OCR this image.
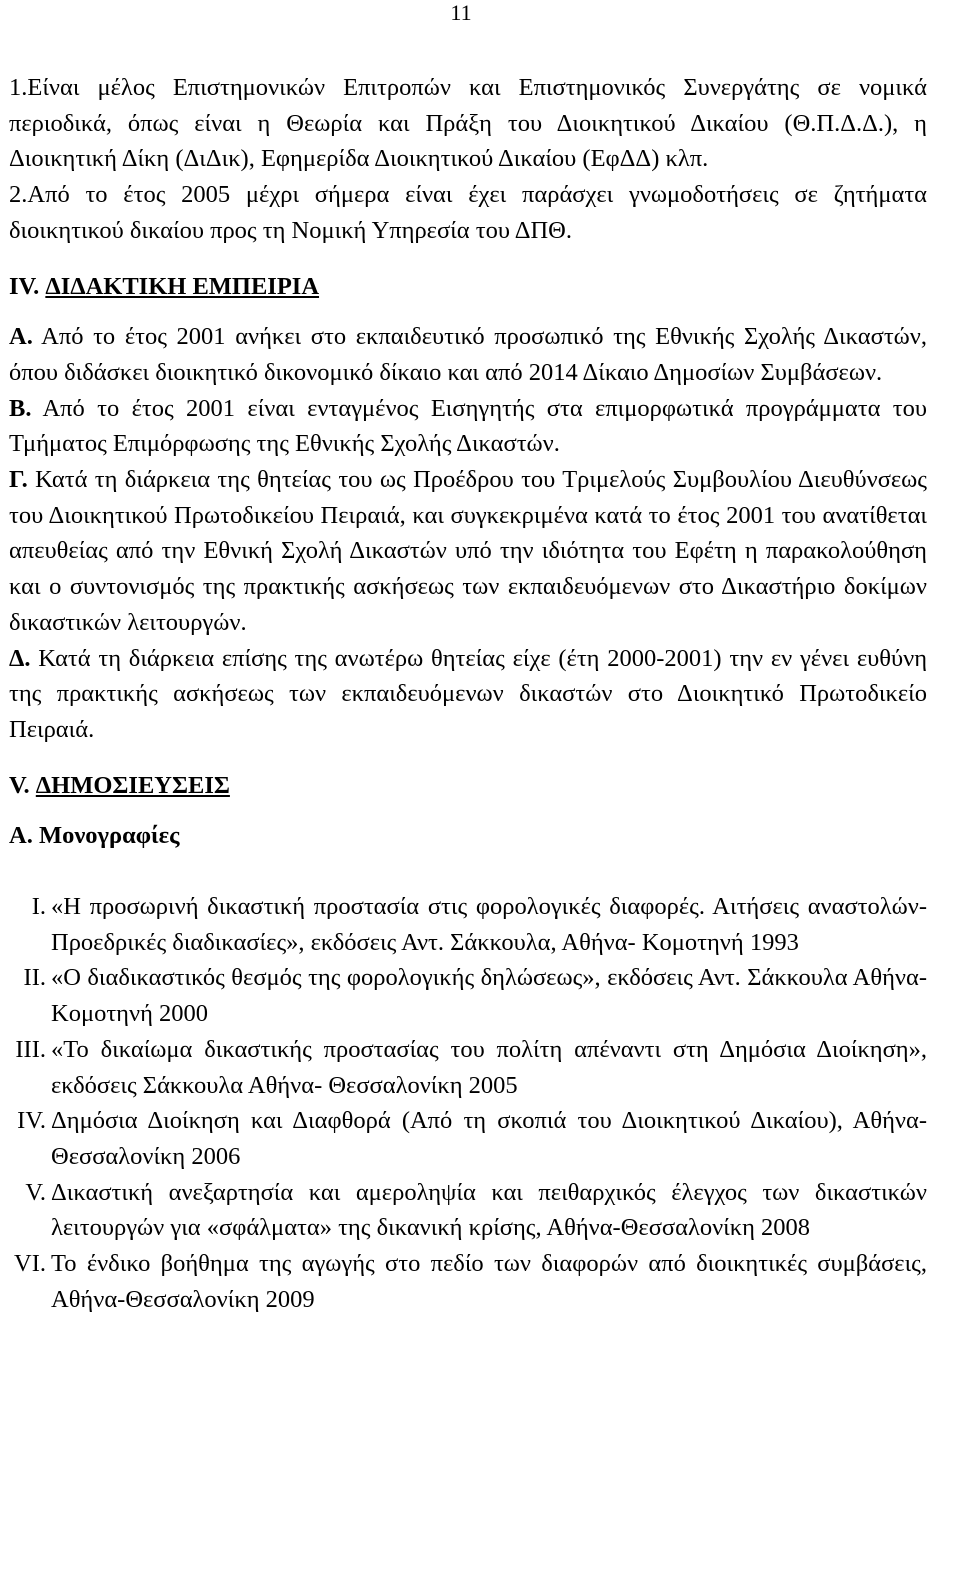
11

1.Είναι μέλος Επιστημονικών Επιτροπών και Επιστημονικός Συνεργάτης σε νομικά περιοδικά, όπως είναι η Θεωρία και Πράξη του Διοικητικού Δικαίου (Θ.Π.Δ.Δ.), η Διοικητική Δίκη (ΔιΔικ), Εφημερίδα Διοικητικού Δικαίου (ΕφΔΔ) κλπ.

2.Από το έτος 2005 μέχρι σήμερα είναι έχει παράσχει γνωμοδοτήσεις σε ζητήματα διοικητικού δικαίου προς τη Νομική Υπηρεσία του ΔΠΘ.

IV. ΔΙΔΑΚΤΙΚΗ ΕΜΠΕΙΡΙΑ

Α. Από το έτος 2001 ανήκει στο εκπαιδευτικό προσωπικό της Εθνικής Σχολής Δικαστών, όπου διδάσκει διοικητικό δικονομικό δίκαιο και από 2014 Δίκαιο Δημοσίων Συμβάσεων.

Β. Από το έτος 2001 είναι ενταγμένος Εισηγητής στα επιμορφωτικά προγράμματα του Τμήματος Επιμόρφωσης της Εθνικής Σχολής Δικαστών.

Γ. Κατά τη διάρκεια της θητείας του ως Προέδρου του Τριμελούς Συμβουλίου Διευθύνσεως του Διοικητικού Πρωτοδικείου Πειραιά, και συγκεκριμένα κατά το έτος 2001 του ανατίθεται απευθείας από την Εθνική Σχολή Δικαστών υπό την ιδιότητα του Εφέτη η παρακολούθηση και ο συντονισμός της πρακτικής ασκήσεως των εκπαιδευόμενων στο Δικαστήριο δοκίμων δικαστικών λειτουργών.

Δ. Κατά τη διάρκεια επίσης της ανωτέρω θητείας είχε (έτη 2000-2001) την εν γένει ευθύνη της πρακτικής ασκήσεως των εκπαιδευόμενων δικαστών στο Διοικητικό Πρωτοδικείο Πειραιά.

V. ΔΗΜΟΣΙΕΥΣΕΙΣ

Α. Μονογραφίες

I. «Η προσωρινή δικαστική προστασία στις φορολογικές διαφορές. Αιτήσεις αναστολών- Προεδρικές διαδικασίες», εκδόσεις Αντ. Σάκκουλα, Αθήνα- Κομοτηνή 1993
II. «Ο διαδικαστικός θεσμός της φορολογικής δηλώσεως», εκδόσεις Αντ. Σάκκουλα Αθήνα-Κομοτηνή 2000
III. «Το δικαίωμα δικαστικής προστασίας του πολίτη απέναντι στη Δημόσια Διοίκηση», εκδόσεις Σάκκουλα Αθήνα- Θεσσαλονίκη 2005
IV. Δημόσια Διοίκηση και Διαφθορά (Από τη σκοπιά του Διοικητικού Δικαίου), Αθήνα-Θεσσαλονίκη 2006
V. Δικαστική ανεξαρτησία και αμεροληψία και πειθαρχικός έλεγχος των δικαστικών λειτουργών για «σφάλματα» της δικανική κρίσης, Αθήνα-Θεσσαλονίκη 2008
VI. Το ένδικο βοήθημα της αγωγής στο πεδίο των διαφορών από διοικητικές συμβάσεις, Αθήνα-Θεσσαλονίκη 2009
